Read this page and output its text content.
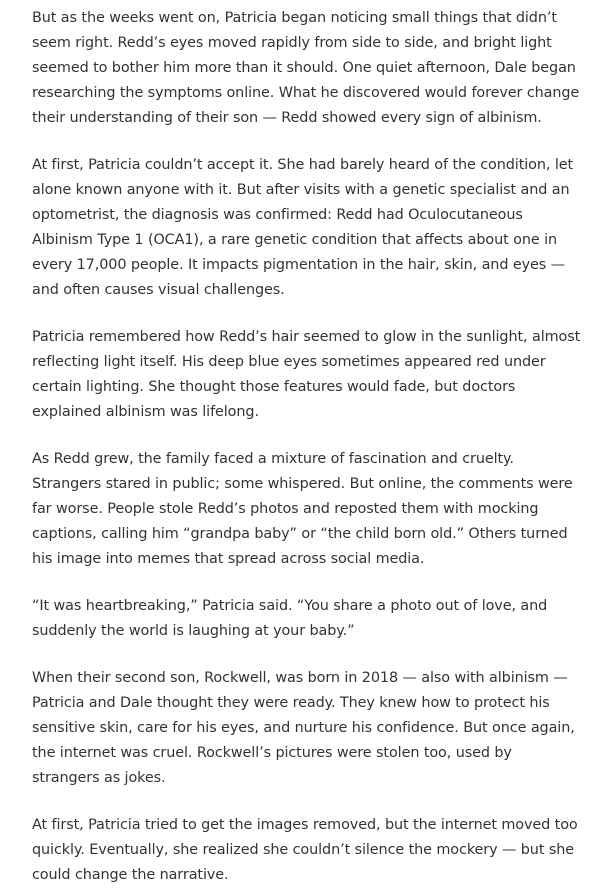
But as the weeks went on, Patricia began noticing small things that didn’t seem right. Redd’s eyes moved rapidly from side to side, and bright light seemed to bother him more than it should. One quiet afternoon, Dale began researching the symptoms online. What he discovered would forever change their understanding of their son — Redd showed every sign of albinism.

At first, Patricia couldn’t accept it. She had barely heard of the condition, let alone known anyone with it. But after visits with a genetic specialist and an optometrist, the diagnosis was confirmed: Redd had Oculocutaneous Albinism Type 1 (OCA1), a rare genetic condition that affects about one in every 17,000 people. It impacts pigmentation in the hair, skin, and eyes — and often causes visual challenges.

Patricia remembered how Redd’s hair seemed to glow in the sunlight, almost reflecting light itself. His deep blue eyes sometimes appeared red under certain lighting. She thought those features would fade, but doctors explained albinism was lifelong.

As Redd grew, the family faced a mixture of fascination and cruelty. Strangers stared in public; some whispered. But online, the comments were far worse. People stole Redd’s photos and reposted them with mocking captions, calling him “grandpa baby” or “the child born old.” Others turned his image into memes that spread across social media.

“It was heartbreaking,” Patricia said. “You share a photo out of love, and suddenly the world is laughing at your baby.”

When their second son, Rockwell, was born in 2018 — also with albinism — Patricia and Dale thought they were ready. They knew how to protect his sensitive skin, care for his eyes, and nurture his confidence. But once again, the internet was cruel. Rockwell’s pictures were stolen too, used by strangers as jokes.

At first, Patricia tried to get the images removed, but the internet moved too quickly. Eventually, she realized she couldn’t silence the mockery — but she could change the narrative.
